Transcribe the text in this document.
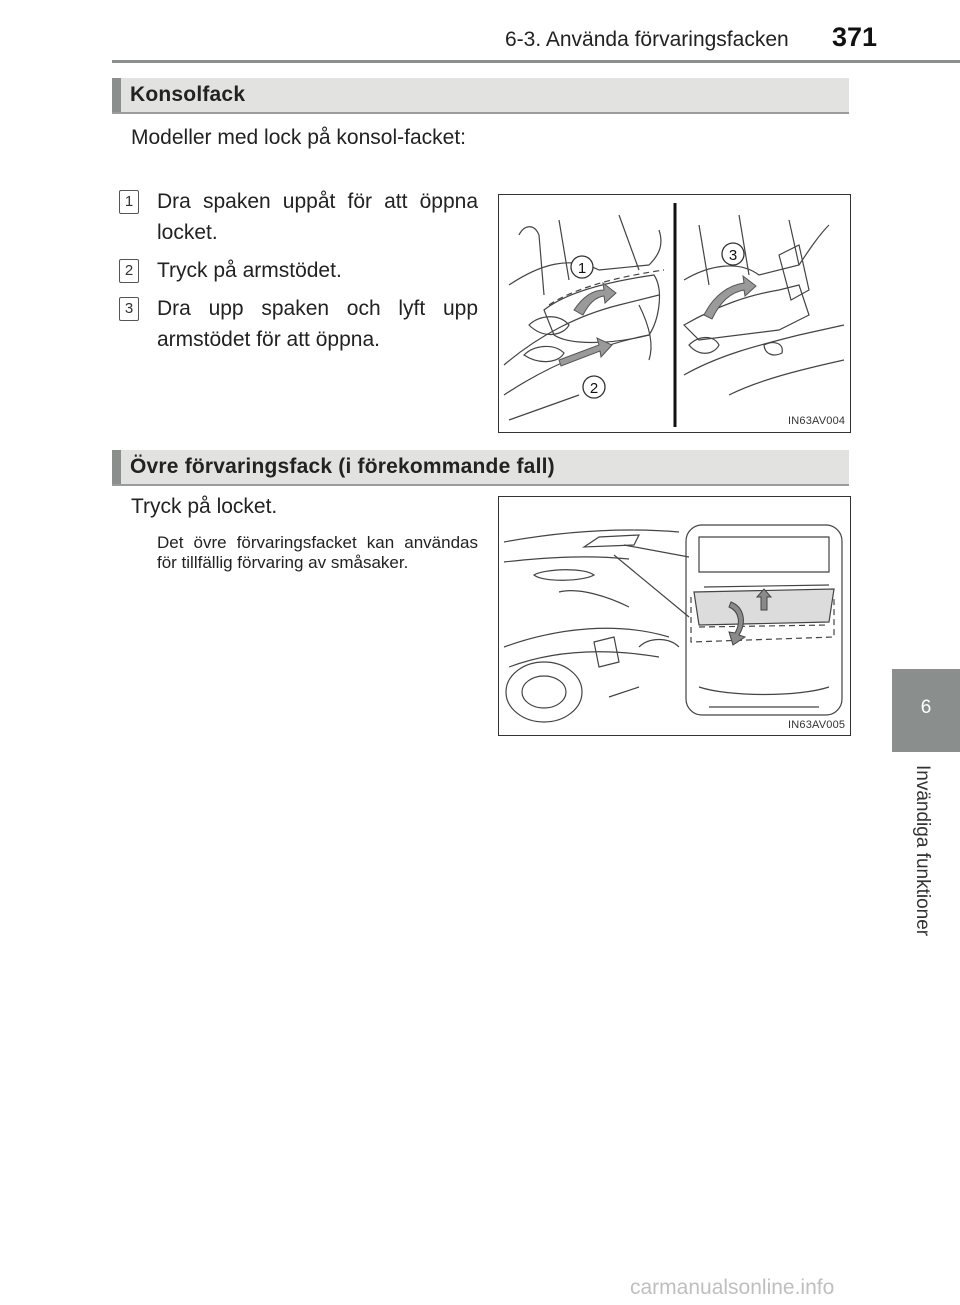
6-3. Använda förvaringsfacken 371
Konsolfack
Modeller med lock på konsol-facket:
1 Dra spaken uppåt för att öppna locket.
2 Tryck på armstödet.
3 Dra upp spaken och lyft upp armstödet för att öppna.
1
2
3
IN63AV004
Övre förvaringsfack (i förekommande fall)
Tryck på locket.
Det övre förvaringsfacket kan användas för tillfällig förvaring av småsaker.
IN63AV005
6
Invändiga funktioner
carmanualsonline.info
